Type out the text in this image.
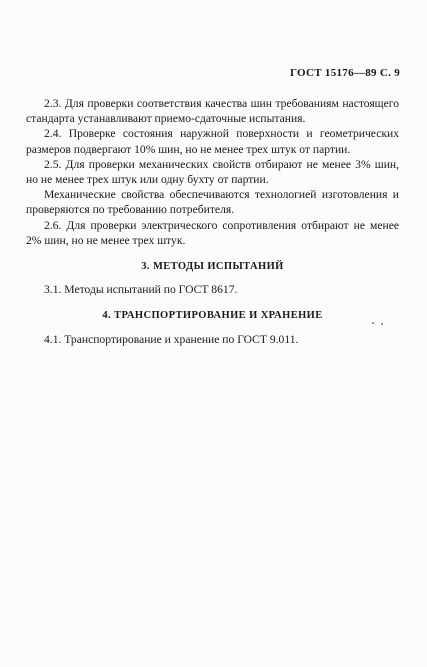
ГОСТ 15176—89 С. 9

2.3. Для проверки соответствия качества шин требованиям настоящего стандарта устанавливают приемо-сдаточные испытания.

2.4. Проверке состояния наружной поверхности и геометрических размеров подвергают 10% шин, но не менее трех штук от партии.

2.5. Для проверки механических свойств отбирают не менее 3% шин, но не менее трех штук или одну бухту от партии.

Механические свойства обеспечиваются технологией изготовления и проверяются по требованию потребителя.

2.6. Для проверки электрического сопротивления отбирают не менее 2% шин, но не менее трех штук.

3. МЕТОДЫ ИСПЫТАНИЙ

3.1. Методы испытаний по ГОСТ 8617.

4. ТРАНСПОРТИРОВАНИЕ И ХРАНЕНИЕ

4.1. Транспортирование и хранение по ГОСТ 9.011.
